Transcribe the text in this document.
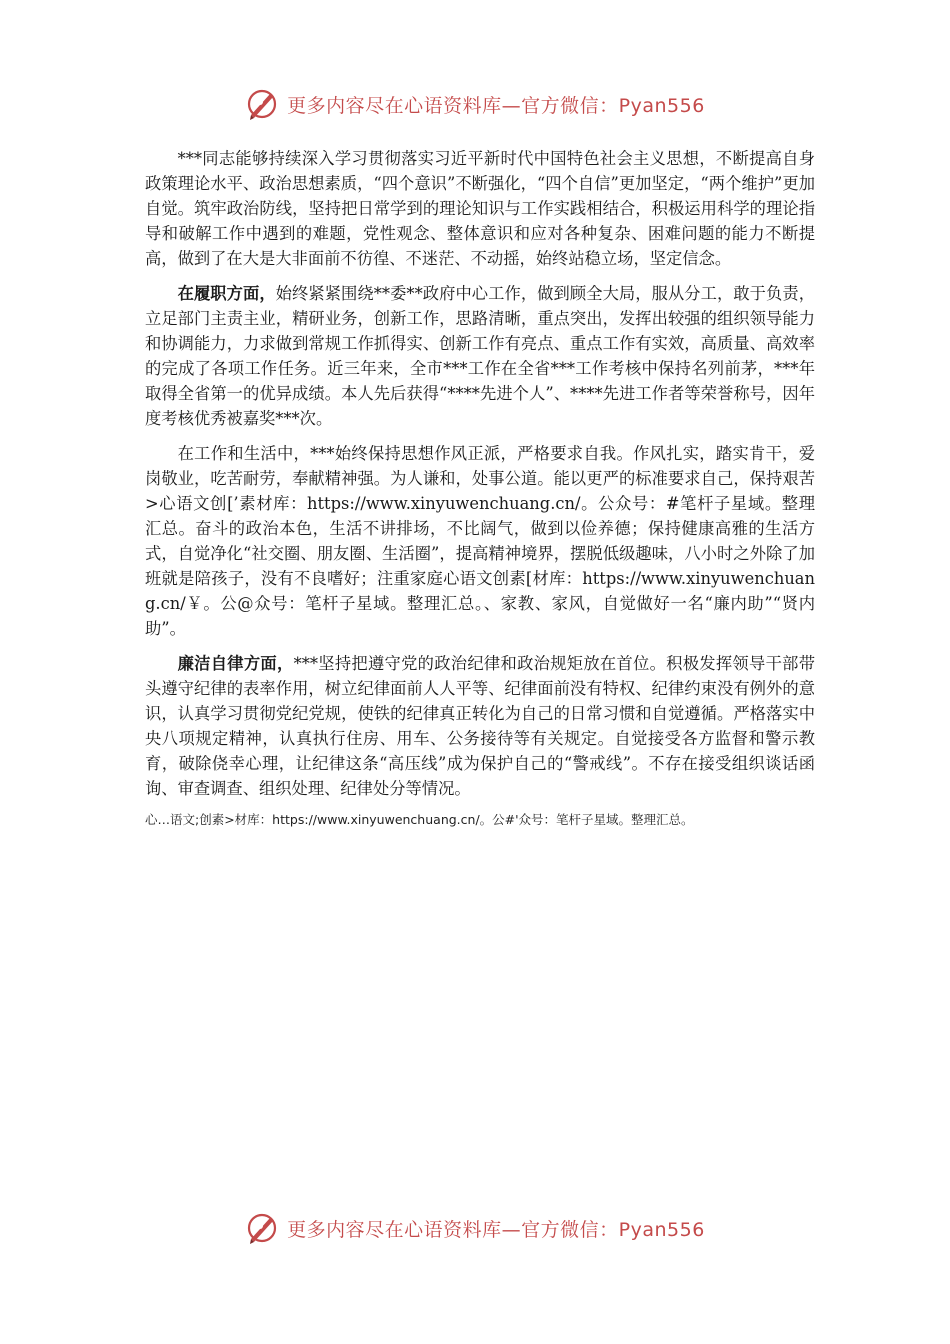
更多内容尽在心语资料库—官方微信：Pyan556

***同志能够持续深入学习贯彻落实习近平新时代中国特色社会主义思想，不断提高自身政策理论水平、政治思想素质，“四个意识”不断强化，“四个自信”更加坚定，“两个维护”更加自觉。筑牢政治防线，坚持把日常学到的理论知识与工作实践相结合，积极运用科学的理论指导和破解工作中遇到的难题，党性观念、整体意识和应对各种复杂、困难问题的能力不断提高，做到了在大是大非面前不彷徨、不迷茫、不动摇，始终站稳立场，坚定信念。

在履职方面，始终紧紧围绕**委**政府中心工作，做到顾全大局，服从分工，敢于负责，立足部门主责主业，精研业务，创新工作，思路清晰，重点突出，发挥出较强的组织领导能力和协调能力，力求做到常规工作抓得实、创新工作有亮点、重点工作有实效，高质量、高效率的完成了各项工作任务。近三年来，全市***工作在全省***工作考核中保持名列前茅，***年取得全省第一的优异成绩。本人先后获得“****先进个人”、****先进工作者等荣誉称号，因年度考核优秀被嘉奖***次。

在工作和生活中，***始终保持思想作风正派，严格要求自我。作风扎实，踏实肯干，爱岗敬业，吃苦耐劳，奉献精神强。为人谦和，处事公道。能以更严的标准要求自己，保持艰苦>心语文创[’素材库：https://www.xinyuwenchuang.cn/。公众号：#笔杆子星域。整理汇总。奋斗的政治本色，生活不讲排场，不比阔气，做到以俭养德；保持健康高雅的生活方式，自觉净化“社交圈、朋友圈、生活圈”，提高精神境界，摆脱低级趣味，八小时之外除了加班就是陪孩子，没有不良嗜好；注重家庭心语文创素[材库：https://www.xinyuwenchuang.cn/￥。公@众号：笔杆子星域。整理汇总。、家教、家风，自觉做好一名“廉内助”“贤内助”。

廉洁自律方面，***坚持把遵守党的政治纪律和政治规矩放在首位。积极发挥领导干部带头遵守纪律的表率作用，树立纪律面前人人平等、纪律面前没有特权、纪律约束没有例外的意识，认真学习贯彻党纪党规，使铁的纪律真正转化为自己的日常习惯和自觉遵循。严格落实中央八项规定精神，认真执行住房、用车、公务接待等有关规定。自觉接受各方监督和警示教育，破除侥幸心理，让纪律这条“高压线”成为保护自己的“警戒线”。不存在接受组织谈话函询、审查调查、组织处理、纪律处分等情况。

心…语文;创素>材库：https://www.xinyuwenchuang.cn/。公#'众号：笔杆子星域。整理汇总。
更多内容尽在心语资料库—官方微信：Pyan556
